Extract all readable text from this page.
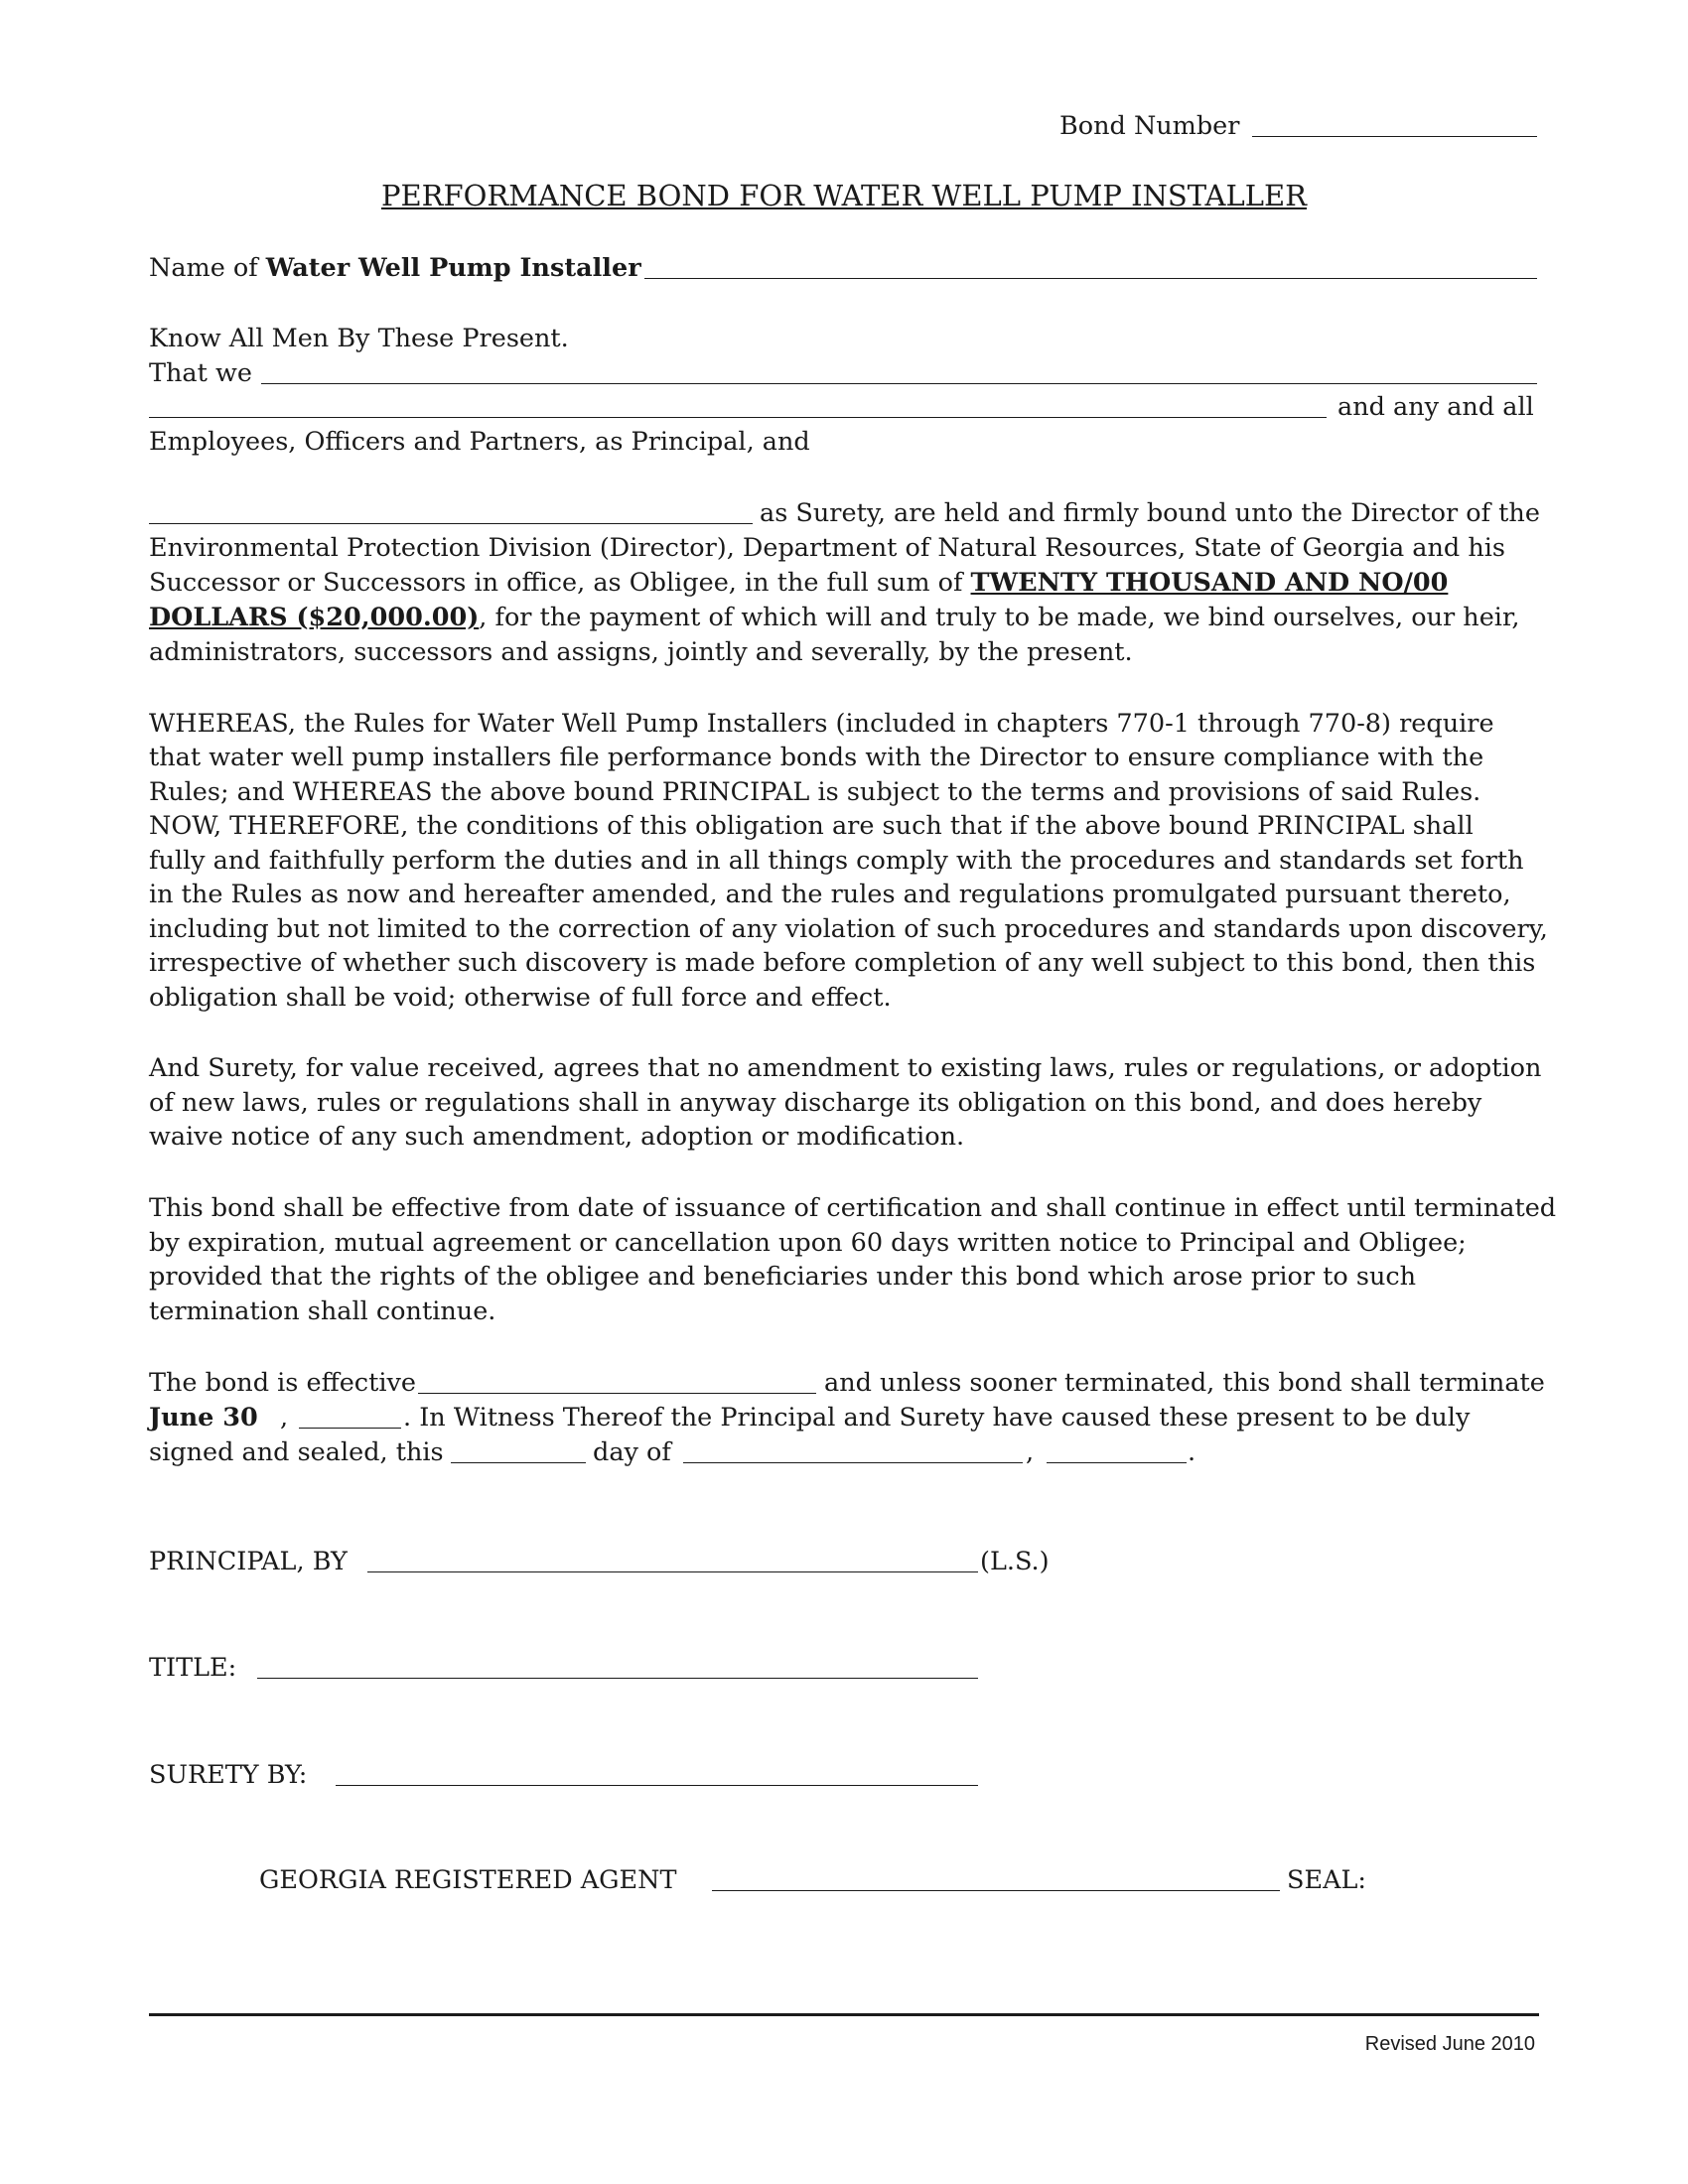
Bond Number
PERFORMANCE BOND FOR WATER WELL PUMP INSTALLER
Name of Water Well Pump Installer
Know All Men By These Present.
That we
and any and all
Employees, Officers and Partners, as Principal, and
as Surety, are held and firmly bound unto the Director of the
Environmental Protection Division (Director), Department of Natural Resources, State of Georgia and his
Successor or Successors in office, as Obligee, in the full sum of TWENTY THOUSAND AND NO/00
DOLLARS ($20,000.00), for the payment of which will and truly to be made, we bind ourselves, our heir,
administrators, successors and assigns, jointly and severally, by the present.
WHEREAS, the Rules for Water Well Pump Installers (included in chapters 770-1 through 770-8) require
that water well pump installers file performance bonds with the Director to ensure compliance with the
Rules; and WHEREAS the above bound PRINCIPAL is subject to the terms and provisions of said Rules.
NOW, THEREFORE, the conditions of this obligation are such that if the above bound PRINCIPAL shall
fully and faithfully perform the duties and in all things comply with the procedures and standards set forth
in the Rules as now and hereafter amended, and the rules and regulations promulgated pursuant thereto,
including but not limited to the correction of any violation of such procedures and standards upon discovery,
irrespective of whether such discovery is made before completion of any well subject to this bond, then this
obligation shall be void; otherwise of full force and effect.
And Surety, for value received, agrees that no amendment to existing laws, rules or regulations, or adoption
of new laws, rules or regulations shall in anyway discharge its obligation on this bond, and does hereby
waive notice of any such amendment, adoption or modification.
This bond shall be effective from date of issuance of certification and shall continue in effect until terminated
by expiration, mutual agreement or cancellation upon 60 days written notice to Principal and Obligee;
provided that the rights of the obligee and beneficiaries under this bond which arose prior to such
termination shall continue.
The bond is effective	and unless sooner terminated, this bond shall terminate
June 30 ,	. In Witness Thereof the Principal and Surety have caused these present to be duly
signed and sealed, this	day of	,	.
PRINCIPAL, BY	(L.S.)
TITLE:
SURETY BY:
GEORGIA REGISTERED AGENT	SEAL:
Revised June 2010
